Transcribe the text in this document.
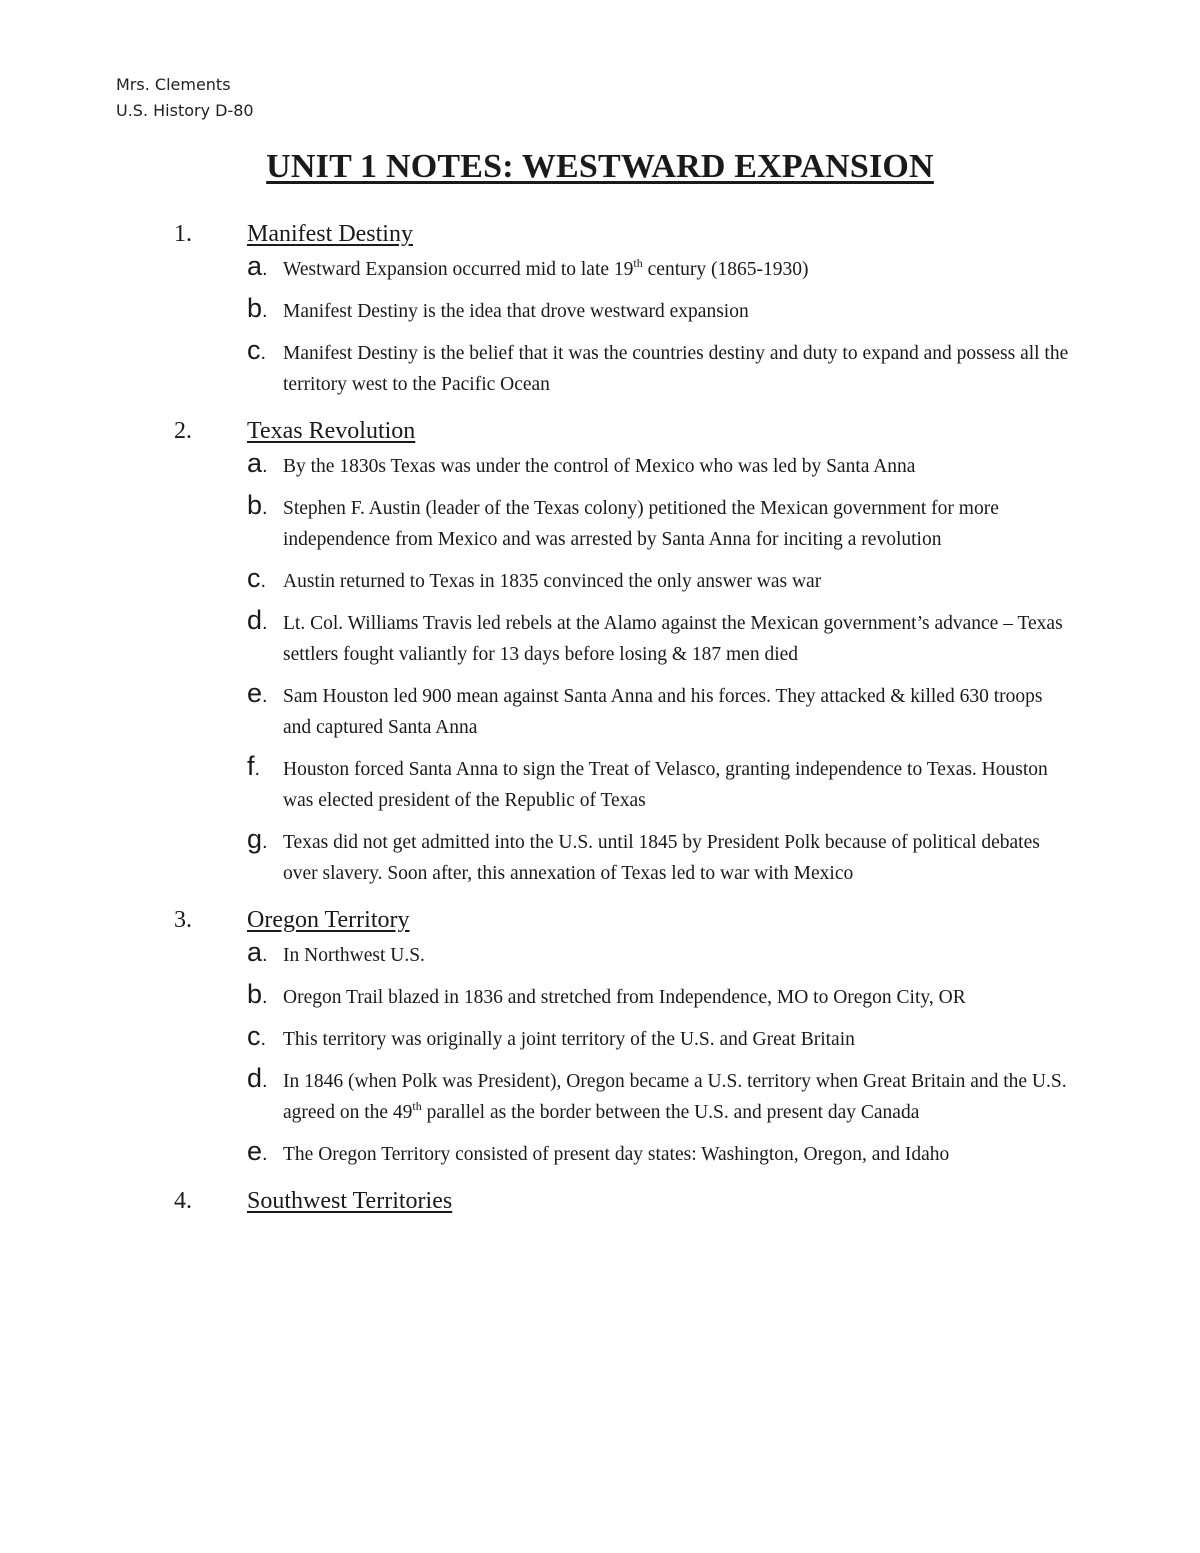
Mrs. Clements
U.S. History D-80
UNIT 1 NOTES: WESTWARD EXPANSION
1. Manifest Destiny
a. Westward Expansion occurred mid to late 19th century (1865-1930)
b. Manifest Destiny is the idea that drove westward expansion
c. Manifest Destiny is the belief that it was the countries destiny and duty to expand and possess all the territory west to the Pacific Ocean
2. Texas Revolution
a. By the 1830s Texas was under the control of Mexico who was led by Santa Anna
b. Stephen F. Austin (leader of the Texas colony) petitioned the Mexican government for more independence from Mexico and was arrested by Santa Anna for inciting a revolution
c. Austin returned to Texas in 1835 convinced the only answer was war
d. Lt. Col. Williams Travis led rebels at the Alamo against the Mexican government’s advance – Texas settlers fought valiantly for 13 days before losing & 187 men died
e. Sam Houston led 900 mean against Santa Anna and his forces. They attacked & killed 630 troops and captured Santa Anna
f. Houston forced Santa Anna to sign the Treat of Velasco, granting independence to Texas. Houston was elected president of the Republic of Texas
g. Texas did not get admitted into the U.S. until 1845 by President Polk because of political debates over slavery. Soon after, this annexation of Texas led to war with Mexico
3. Oregon Territory
a. In Northwest U.S.
b. Oregon Trail blazed in 1836 and stretched from Independence, MO to Oregon City, OR
c. This territory was originally a joint territory of the U.S. and Great Britain
d. In 1846 (when Polk was President), Oregon became a U.S. territory when Great Britain and the U.S. agreed on the 49th parallel as the border between the U.S. and present day Canada
e. The Oregon Territory consisted of present day states: Washington, Oregon, and Idaho
4. Southwest Territories
